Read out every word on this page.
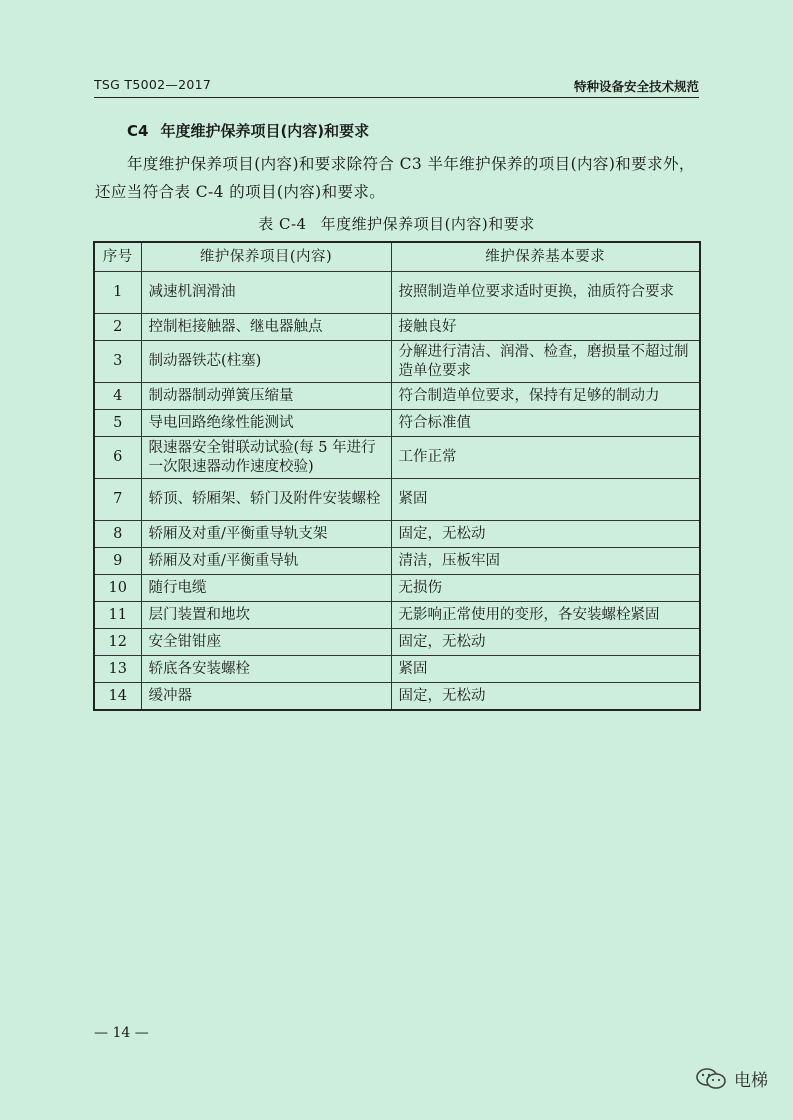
TSG T5002—2017	特种设备安全技术规范
C4 年度维护保养项目(内容)和要求
年度维护保养项目(内容)和要求除符合 C3 半年维护保养的项目(内容)和要求外，还应当符合表 C-4 的项目(内容)和要求。
表 C-4 年度维护保养项目(内容)和要求
序号	维护保养项目(内容)	维护保养基本要求
1	减速机润滑油	按照制造单位要求适时更换，油质符合要求
2	控制柜接触器、继电器触点	接触良好
3	制动器铁芯(柱塞)	分解进行清洁、润滑、检查，磨损量不超过制造单位要求
4	制动器制动弹簧压缩量	符合制造单位要求，保持有足够的制动力
5	导电回路绝缘性能测试	符合标准值
6	限速器安全钳联动试验(每 5 年进行一次限速器动作速度校验)	工作正常
7	轿顶、轿厢架、轿门及附件安装螺栓	紧固
8	轿厢及对重/平衡重导轨支架	固定，无松动
9	轿厢及对重/平衡重导轨	清洁，压板牢固
10	随行电缆	无损伤
11	层门装置和地坎	无影响正常使用的变形，各安装螺栓紧固
12	安全钳钳座	固定，无松动
13	轿底各安装螺栓	紧固
14	缓冲器	固定，无松动
— 14 —
电梯
